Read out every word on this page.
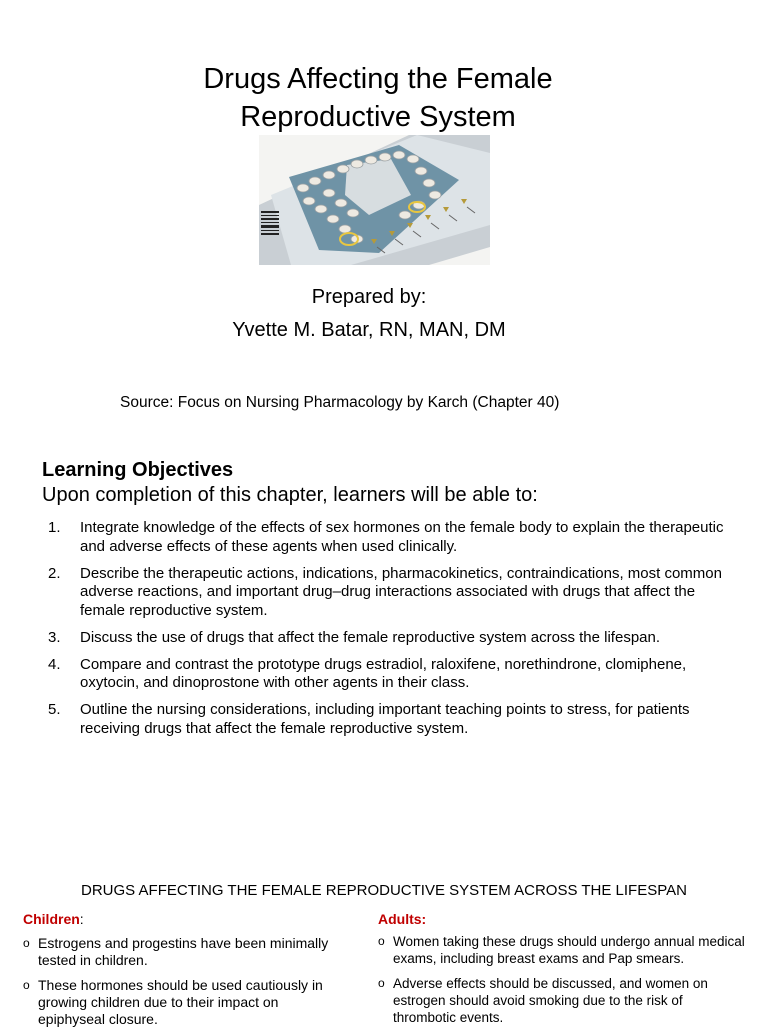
Drugs Affecting the Female
Reproductive System
Prepared by:
Yvette M. Batar, RN, MAN, DM
Source: Focus on Nursing Pharmacology by Karch (Chapter 40)
Learning Objectives
Upon completion of this chapter, learners will be able to:
1.	Integrate knowledge of the effects of sex hormones on the female body to explain the therapeutic and adverse effects of these agents when used clinically.
2.	Describe the therapeutic actions, indications, pharmacokinetics, contraindications, most common adverse reactions, and important drug–drug interactions associated with drugs that affect the female reproductive system.
3.	Discuss the use of drugs that affect the female reproductive system across the lifespan.
4.	Compare and contrast the prototype drugs estradiol, raloxifene, norethindrone, clomiphene, oxytocin, and dinoprostone with other agents in their class.
5.	Outline the nursing considerations, including important teaching points to stress, for patients receiving drugs that affect the female reproductive system.
DRUGS AFFECTING THE FEMALE REPRODUCTIVE SYSTEM ACROSS THE LIFESPAN
Children:
o Estrogens and progestins have been minimally tested in children.
o These hormones should be used cautiously in growing children due to their impact on epiphyseal closure.
Adults:
o Women taking these drugs should undergo annual medical exams, including breast exams and Pap smears.
o Adverse effects should be discussed, and women on estrogen should avoid smoking due to the risk of thrombotic events.
